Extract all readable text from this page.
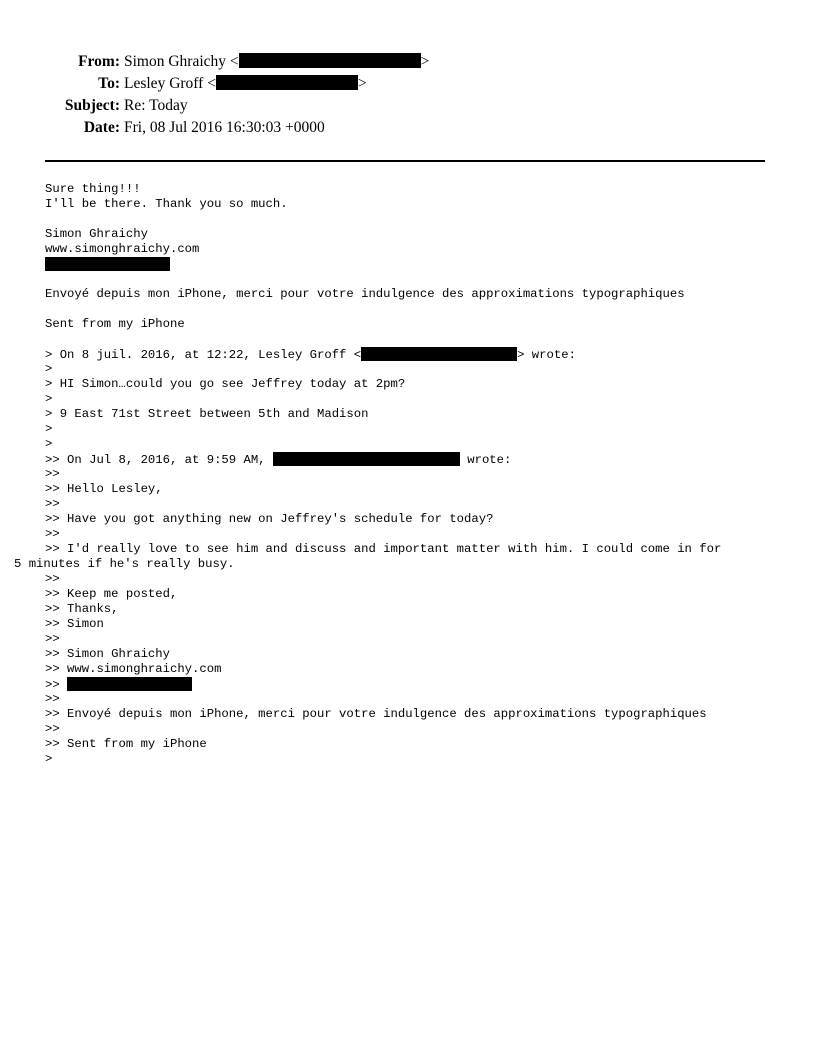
From: Simon Ghraichy <	>
To: Lesley Groff <	>
Subject: Re: Today
Date: Fri, 08 Jul 2016 16:30:03 +0000
Sure thing!!!
I'll be there. Thank you so much.
Simon Ghraichy
www.simonghraichy.com
Envoyé depuis mon iPhone, merci pour votre indulgence des approximations typographiques
Sent from my iPhone
> On 8 juil. 2016, at 12:22, Lesley Groff <	> wrote:
>
> HI Simon…could you go see Jeffrey today at 2pm?
>
> 9 East 71st Street between 5th and Madison
>
>
>> On Jul 8, 2016, at 9:59 AM,	wrote:
>>
>> Hello Lesley,
>>
>> Have you got anything new on Jeffrey's schedule for today?
>>
>> I'd really love to see him and discuss and important matter with him. I could come in for
5 minutes if he's really busy.
>>
>> Keep me posted,
>> Thanks,
>> Simon
>>
>> Simon Ghraichy
>> www.simonghraichy.com
>>
>>
>> Envoyé depuis mon iPhone, merci pour votre indulgence des approximations typographiques
>>
>> Sent from my iPhone
>
